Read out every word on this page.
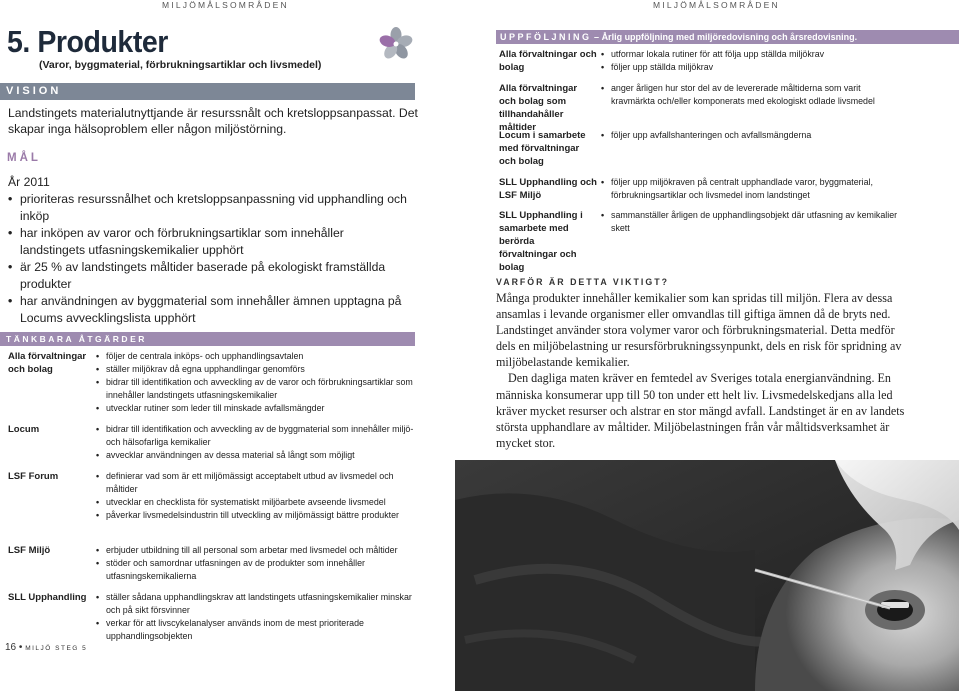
MILJÖMÅLSOMRÅDEN
5. Produkter
(Varor, byggmaterial, förbrukningsartiklar och livsmedel)
VISION

Landstingets materialutnyttjande är resurssnålt och kretsloppsanpassat. Det skapar inga hälsoproblem eller någon miljöstörning.

MÅL
År 2011
• prioriteras resurssnålhet och kretsloppsanpassning vid upphandling och inköp
• har inköpen av varor och förbrukningsartiklar som innehåller landstingets utfasningskemikalier upphört
• är 25 % av landstingets måltider baserade på ekologiskt framställda produkter
• har användningen av byggmaterial som innehåller ämnen upptagna på Locums avvecklingslista upphört
TÄNKBARA ÅTGÄRDER
Alla förvaltningar och bolag
• följer de centrala inköps- och upphandlingsavtalen
• ställer miljökrav då egna upphandlingar genomförs
• bidrar till identifikation och avveckling av de varor och förbrukningsartiklar som innehåller landstingets utfasningskemikalier
• utvecklar rutiner som leder till minskade avfallsmängder
Locum	• bidrar till identifikation och avveckling av de byggmaterial som innehåller miljö- och hälsofarliga kemikalier
• avvecklar användningen av dessa material så långt som möjligt
LSF Forum	• definierar vad som är ett miljömässigt acceptabelt utbud av livsmedel och måltider
• utvecklar en checklista för systematiskt miljöarbete avseende livsmedel
• påverkar livsmedelsindustrin till utveckling av miljömässigt bättre produkter
LSF Miljö	• erbjuder utbildning till all personal som arbetar med livsmedel och måltider
• stöder och samordnar utfasningen av de produkter som innehåller utfasningskemikalierna
SLL Upphandling	• ställer sådana upphandlingskrav att landstingets utfasningskemikalier minskar och på sikt försvinner
• verkar för att livscykelanalyser används inom de mest prioriterade upphandlingsobjekten
16 • MILJÖ STEG 5
MILJÖMÅLSOMRÅDEN
UPPFÖLJNING – Årlig uppföljning med miljöredovisning och årsredovisning.
Alla förvaltningar och bolag
• utformar lokala rutiner för att följa upp ställda miljökrav
• följer upp ställda miljökrav
Alla förvaltningar och bolag som tillhandahåller måltider
• anger årligen hur stor del av de levererade måltiderna som varit kravmärkta och/eller komponerats med ekologiskt odlade livsmedel
Locum i samarbete med förvaltningar och bolag
• följer upp avfallshanteringen och avfallsmängderna
SLL Upphandling och LSF Miljö
• följer upp miljökraven på centralt upphandlade varor, byggmaterial, förbrukningsartiklar och livsmedel inom landstinget
SLL Upphandling i samarbete med berörda förvaltningar och bolag
• sammanställer årligen de upphandlingsobjekt där utfasning av kemikalier skett
VARFÖR ÄR DETTA VIKTIGT?

Många produkter innehåller kemikalier som kan spridas till miljön. Flera av dessa ansamlas i levande organismer eller omvandlas till giftiga ämnen då de bryts ned. Landstinget använder stora volymer varor och förbrukningsmaterial. Detta medför dels en miljöbelastning ur resursförbrukningssynpunkt, dels en risk för spridning av miljöbelastande kemikalier.

Den dagliga maten kräver en femtedel av Sveriges totala energianvändning. En människa konsumerar upp till 50 ton under ett helt liv. Livsmedelskedjans alla led kräver mycket resurser och alstrar en stor mängd avfall. Landstinget är en av landets största upphandlare av måltider. Miljöbelastningen från vår måltidsverksamhet är mycket stor.
